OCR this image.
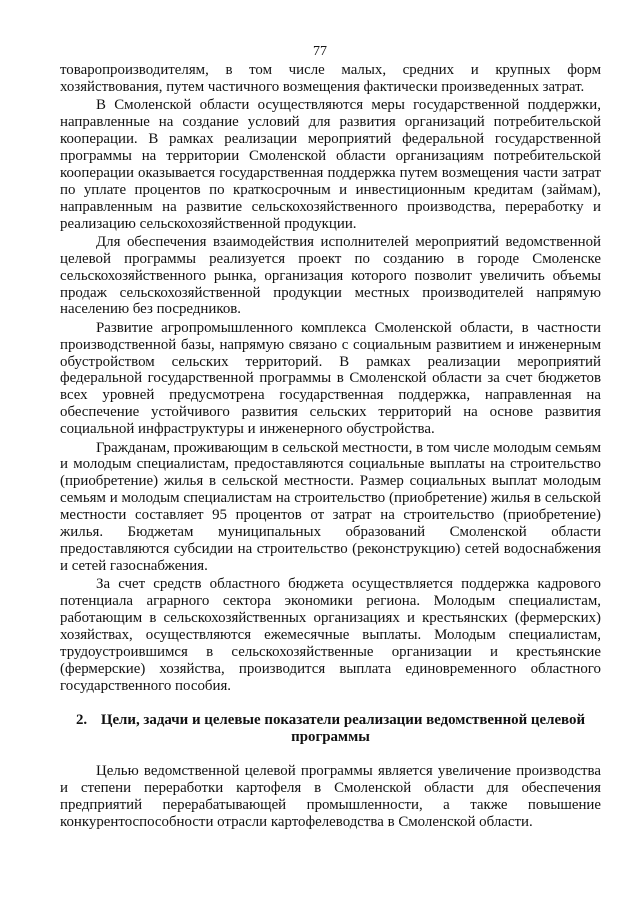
77

товаропроизводителям, в том числе малых, средних и крупных форм хозяйствования, путем частичного возмещения фактически произведенных затрат.

В Смоленской области осуществляются меры государственной поддержки, направленные на создание условий для развития организаций потребительской кооперации. В рамках реализации мероприятий федеральной государственной программы на территории Смоленской области организациям потребительской кооперации оказывается государственная поддержка путем возмещения части затрат по уплате процентов по краткосрочным и инвестиционным кредитам (займам), направленным на развитие сельскохозяйственного производства, переработку и реализацию сельскохозяйственной продукции.

Для обеспечения взаимодействия исполнителей мероприятий ведомственной целевой программы реализуется проект по созданию в городе Смоленске сельскохозяйственного рынка, организация которого позволит увеличить объемы продаж сельскохозяйственной продукции местных производителей напрямую населению без посредников.

Развитие агропромышленного комплекса Смоленской области, в частности производственной базы, напрямую связано с социальным развитием и инженерным обустройством сельских территорий. В рамках реализации мероприятий федеральной государственной программы в Смоленской области за счет бюджетов всех уровней предусмотрена государственная поддержка, направленная на обеспечение устойчивого развития сельских территорий на основе развития социальной инфраструктуры и инженерного обустройства.

Гражданам, проживающим в сельской местности, в том числе молодым семьям и молодым специалистам, предоставляются социальные выплаты на строительство (приобретение) жилья в сельской местности. Размер социальных выплат молодым семьям и молодым специалистам на строительство (приобретение) жилья в сельской местности составляет 95 процентов от затрат на строительство (приобретение) жилья. Бюджетам муниципальных образований Смоленской области предоставляются субсидии на строительство (реконструкцию) сетей водоснабжения и сетей газоснабжения.

За счет средств областного бюджета осуществляется поддержка кадрового потенциала аграрного сектора экономики региона. Молодым специалистам, работающим в сельскохозяйственных организациях и крестьянских (фермерских) хозяйствах, осуществляются ежемесячные выплаты. Молодым специалистам, трудоустроившимся в сельскохозяйственные организации и крестьянские (фермерские) хозяйства, производится выплата единовременного областного государственного пособия.

2. Цели, задачи и целевые показатели реализации ведомственной целевой программы

Целью ведомственной целевой программы является увеличение производства и степени переработки картофеля в Смоленской области для обеспечения предприятий перерабатывающей промышленности, а также повышение конкурентоспособности отрасли картофелеводства в Смоленской области.
